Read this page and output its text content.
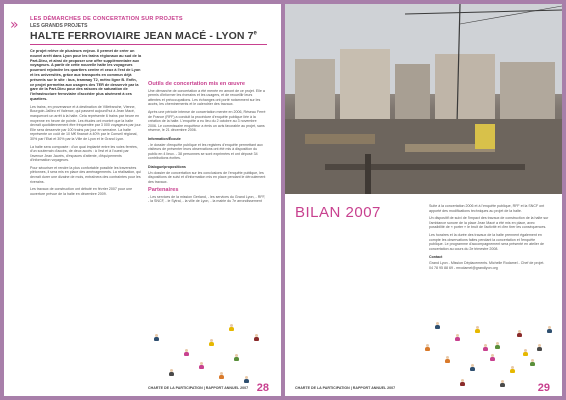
»	LES DÉMARCHES DE CONCERTATION SUR PROJETS
LES GRANDS PROJETS
HALTE FERROVIAIRE JEAN MACÉ - LYON 7e

Ce projet relève de plusieurs enjeux. Il permet de créer un nouvel arrêt dans Lyon pour les trains régionaux au sud de la Part-Dieu, et ainsi de proposer une offre supplémentaire aux voyageurs. A partir de cette nouvelle halte les voyageurs pourront rejoindre les quartiers centre et ceux à l'est de Lyon et les universités, grâce aux transports en commun déjà présents sur le site : bus, tramway T2, métro ligne B. Enfin, ce projet permettra aux usagers des TER de desservir par la gare de la Part-Dieu pour des raisons de saturation de l'infrastructure ferroviaire d'accéder plus aisément à ces quartiers.

Les trains, en provenance et à destination de Villefranche, Vienne, Bourgoin-Jallieu et Valence, qui passent aujourd'hui à Jean Macé, marqueront un arrêt à la halte. Cela représente 6 trains par heure en moyenne en heure de pointe. Les études ont montré que la halte devrait quotidiennement être fréquentée par 3 000 voyageurs par jour. Elle sera desservie par 100 trains par jour en semaine. La halte représente un coût de 10 M€ financé à 40% par le Conseil régional, 30% par l'Etat et 30% par la Ville de Lyon et le Grand Lyon.

La halte sera composée : d'un quai implanté entre les voies ferrées, d'un souterrain d'accès, de deux accès : à l'est et à l'ouest par l'avenue Jean Jaurès, d'espaces d'attente, d'équipements d'information voyageurs.

Pour sécuriser et rendre la plus confortable possible les traversées piétonnes, il sera mis en place des aménagements. La réalisation, qui devrait durer une dizaine de mois, entraînera des contraintes pour les riverains.

Les travaux de construction ont débuté en février 2007 pour une ouverture prévue de la halte en décembre 2009.

Outils de concertation mis en œuvre

Une démarche de concertation a été menée en amont de ce projet. Elle a permis d'informer les riverains et les usagers, et de recueillir leurs attentes et préoccupations. Les échanges ont porté notamment sur les accès, les cheminements et le calendrier des travaux.

Après une période intense de concertation menée en 2006, Réseau Ferré de France (RFF) a conduit la procédure d'enquête publique liée à la création de la halte. L'enquête a eu lieu du 2 octobre au 3 novembre 2006. Le commissaire enquêteur a émis un avis favorable au projet, sans réserve, le 21 décembre 2006.

Information/Écoute

- le dossier d'enquête publique et les registres d'enquête permettant aux visiteurs de présenter leurs observations ont été mis à disposition du public en 4 lieux. - 38 personnes se sont exprimées et ont déposé 34 contributions écrites.

Dialogue/propositions

Un dossier de concertation sur les conclusions de l'enquête publique, les dispositions de suivi et d'information mis en place pendant le déroulement des travaux.

Partenaires

- Les services de la mission Gerland, - les services du Grand Lyon, - RFF, - la SNCF, - le Sytral, - la ville de Lyon, - la mairie du 7e arrondissement

CHARTE DE LA PARTICIPATION | RAPPORT ANNUEL 2007 28
BILAN 2007	Suite à la concertation 2006 et à l'enquête publique, RFF et la SNCF ont apporté des modifications techniques au projet de la halte.

Un dispositif de suivi de l'impact des travaux de construction de la halte sur l'ambiance sonore de la place Jean Macé a été mis en place, avec possibilité de « porter » le bruit de l'activité et d'en tirer les conséquences.

Les horaires et la durée des travaux de la halte prennent également en compte les observations faites pendant la concertation et l'enquête publique. Le programme d'accompagnement sera présenté en atelier de concertation au cours du 2e trimestre 2008.

Contact

Grand Lyon - Mission Déplacements. Michelle Rodamel - Chef de projet. 04 78 95 88 69 - mrodamel@grandlyon.org

CHARTE DE LA PARTICIPATION | RAPPORT ANNUEL 2007	29
